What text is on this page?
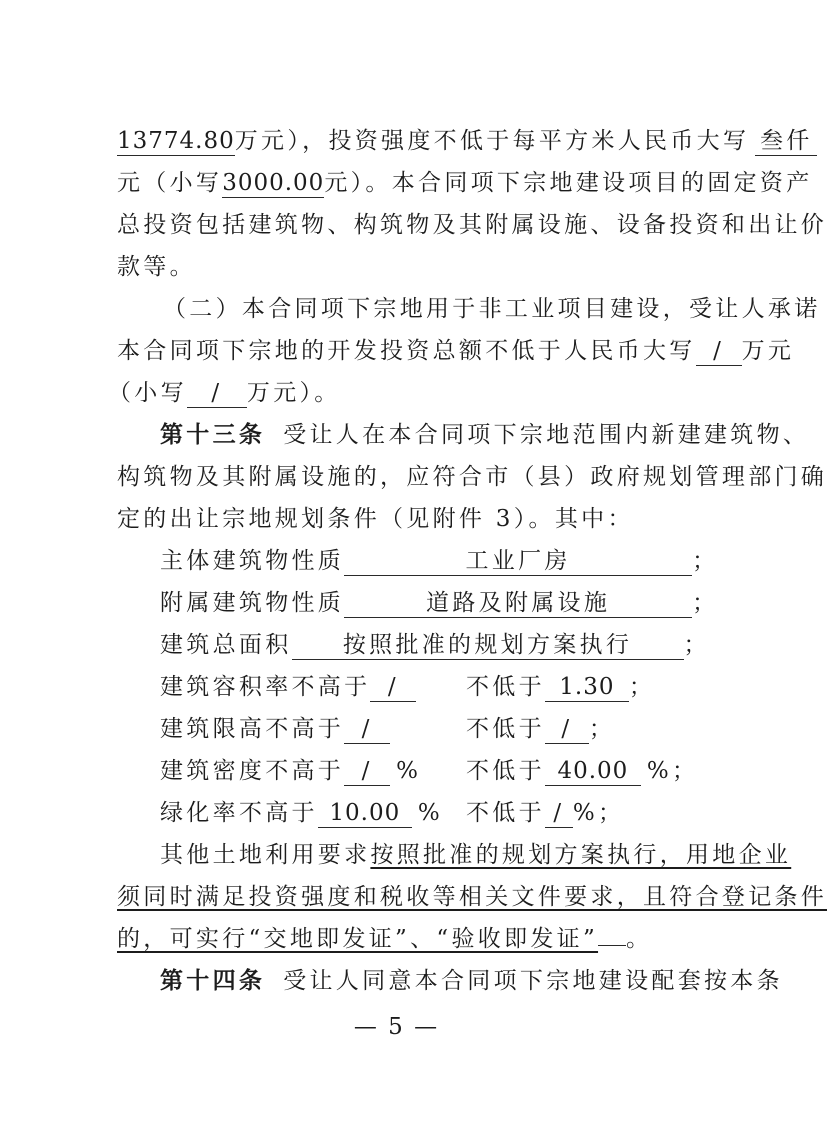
13774.80万元），投资强度不低于每平方米人民币大写 叁仟
元（小写3000.00元）。本合同项下宗地建设项目的固定资产
总投资包括建筑物、构筑物及其附属设施、设备投资和出让价
款等。
（二）本合同项下宗地用于非工业项目建设，受让人承诺
本合同项下宗地的开发投资总额不低于人民币大写 / 万元
（小写 / 万元）。
第十三条 受让人在本合同项下宗地范围内新建建筑物、
构筑物及其附属设施的，应符合市（县）政府规划管理部门确
定的出让宗地规划条件（见附件 3）。其中：
主体建筑物性质	工业厂房	；
附属建筑物性质	道路及附属设施	；
建筑总面积 按照批准的规划方案执行 ；
建筑容积率不高于 /	不低于 1.30 ；
建筑限高不高于 /	不低于 / ；
建筑密度不高于 / % 不低于 40.00 %；
绿化率不高于 10.00 % 不低于 / %；
其他土地利用要求按照批准的规划方案执行，用地企业
须同时满足投资强度和税收等相关文件要求，且符合登记条件
的，可实行“交地即发证”、“验收即发证” 。
第十四条 受让人同意本合同项下宗地建设配套按本条
— 5 —
